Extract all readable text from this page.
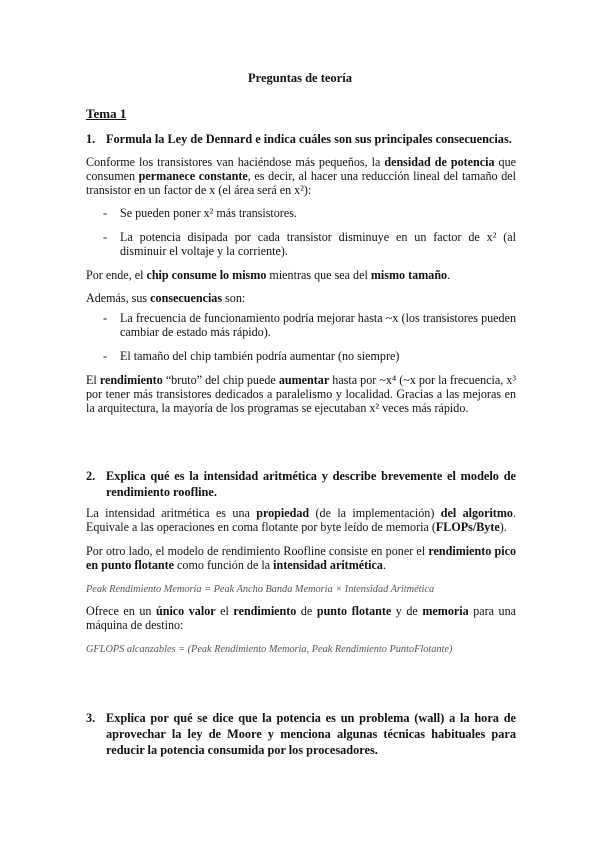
Preguntas de teoría
Tema 1
1. Formula la Ley de Dennard e indica cuáles son sus principales consecuencias.
Conforme los transistores van haciéndose más pequeños, la densidad de potencia que consumen permanece constante, es decir, al hacer una reducción lineal del tamaño del transistor en un factor de x (el área será en x²):
- Se pueden poner x² más transistores.
- La potencia disipada por cada transistor disminuye en un factor de x² (al disminuir el voltaje y la corriente).
Por ende, el chip consume lo mismo mientras que sea del mismo tamaño.
Además, sus consecuencias son:
- La frecuencia de funcionamiento podría mejorar hasta ~x (los transistores pueden cambiar de estado más rápido).
- El tamaño del chip también podría aumentar (no siempre)
El rendimiento “bruto” del chip puede aumentar hasta por ~x⁴ (~x por la frecuencia, x³ por tener más transistores dedicados a paralelismo y localidad. Gracias a las mejoras en la arquitectura, la mayoría de los programas se ejecutaban x² veces más rápido.
2. Explica qué es la intensidad aritmética y describe brevemente el modelo de rendimiento roofline.
La intensidad aritmética es una propiedad (de la implementación) del algoritmo. Equivale a las operaciones en coma flotante por byte leído de memoria (FLOPs/Byte).
Por otro lado, el modelo de rendimiento Roofline consiste en poner el rendimiento pico en punto flotante como función de la intensidad aritmética.
Peak Rendimiento Memoria = Peak Ancho Banda Memoria × Intensidad Aritmética
Ofrece en un único valor el rendimiento de punto flotante y de memoria para una máquina de destino:
GFLOPS alcanzables = (Peak Rendimiento Memoria, Peak Rendimiento PuntoFlotante)
3. Explica por qué se dice que la potencia es un problema (wall) a la hora de aprovechar la ley de Moore y menciona algunas técnicas habituales para reducir la potencia consumida por los procesadores.
